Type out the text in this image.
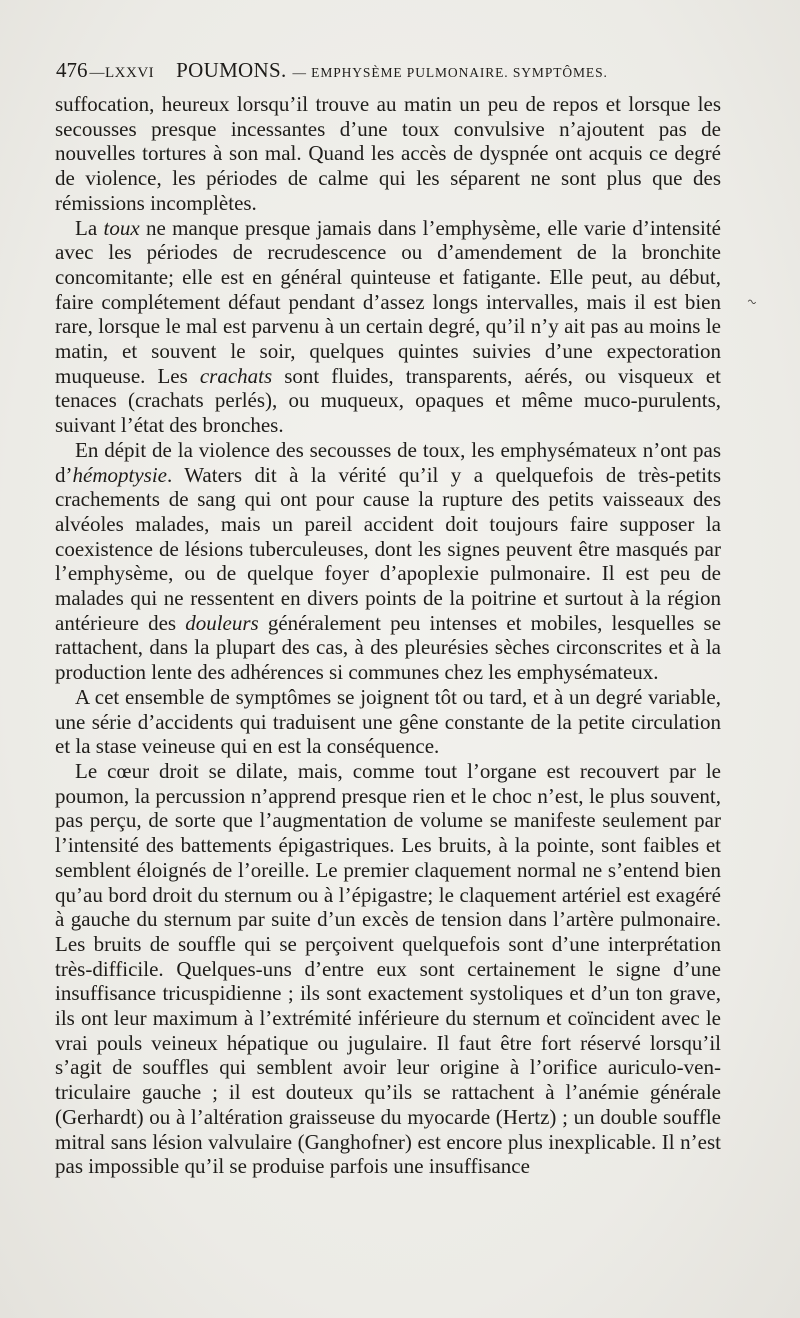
476 —LXXVI POUMONS. — EMPHYSÈME PULMONAIRE. SYMPTÔMES.

suffocation, heureux lorsqu’il trouve au matin un peu de repos et lorsque les secousses presque incessantes d’une toux convulsive n’ajoutent pas de nouvelles tortures à son mal. Quand les accès de dyspnée ont acquis ce degré de violence, les périodes de calme qui les séparent ne sont plus que des rémissions incomplètes.

La toux ne manque presque jamais dans l’emphysème, elle varie d’intensité avec les périodes de recrudescence ou d’amendement de la bronchite concomitante; elle est en général quinteuse et fatigante. Elle peut, au début, faire complétement défaut pendant d’assez longs intervalles, mais il est bien rare, lorsque le mal est parvenu à un certain degré, qu’il n’y ait pas au moins le matin, et souvent le soir, quelques quintes suivies d’une expectoration muqueuse. Les crachats sont fluides, transparents, aérés, ou visqueux et tenaces (crachats perlés), ou muqueux, opaques et même muco-purulents, suivant l’état des bronches.

En dépit de la violence des secousses de toux, les emphysémateux n’ont pas d’hémoptysie. Waters dit à la vérité qu’il y a quelquefois de très-petits crachements de sang qui ont pour cause la rupture des petits vaisseaux des alvéoles malades, mais un pareil accident doit toujours faire supposer la coexistence de lésions tuberculeuses, dont les signes peuvent être masqués par l’emphysème, ou de quelque foyer d’apoplexie pulmonaire. Il est peu de malades qui ne ressentent en divers points de la poitrine et surtout à la région antérieure des douleurs généralement peu intenses et mobiles, lesquelles se rattachent, dans la plupart des cas, à des pleurésies sèches circonscrites et à la production lente des adhérences si communes chez les emphysémateux.

A cet ensemble de symptômes se joignent tôt ou tard, et à un degré variable, une série d’accidents qui traduisent une gêne constante de la petite circulation et la stase veineuse qui en est la conséquence.

Le cœur droit se dilate, mais, comme tout l’organe est recouvert par le poumon, la percussion n’apprend presque rien et le choc n’est, le plus souvent, pas perçu, de sorte que l’augmentation de volume se manifeste seulement par l’intensité des battements épigastriques. Les bruits, à la pointe, sont faibles et semblent éloignés de l’oreille. Le premier claquement normal ne s’entend bien qu’au bord droit du sternum ou à l’épigastre; le claquement artériel est exagéré à gauche du sternum par suite d’un excès de tension dans l’artère pulmonaire. Les bruits de souffle qui se perçoivent quelquefois sont d’une interprétation très-difficile. Quelques-uns d’entre eux sont certainement le signe d’une insuffisance tricuspidienne ; ils sont exactement systoliques et d’un ton grave, ils ont leur maximum à l’extrémité inférieure du sternum et coïncident avec le vrai pouls veineux hépatique ou jugulaire. Il faut être fort réservé lorsqu’il s’agit de souffles qui semblent avoir leur origine à l’orifice auriculo-ventriculaire gauche ; il est douteux qu’ils se rattachent à l’anémie générale (Gerhardt) ou à l’altération graisseuse du myocarde (Hertz) ; un double souffle mitral sans lésion valvulaire (Ganghofner) est encore plus inexplicable. Il n’est pas impossible qu’il se produise parfois une insuffisance

~
